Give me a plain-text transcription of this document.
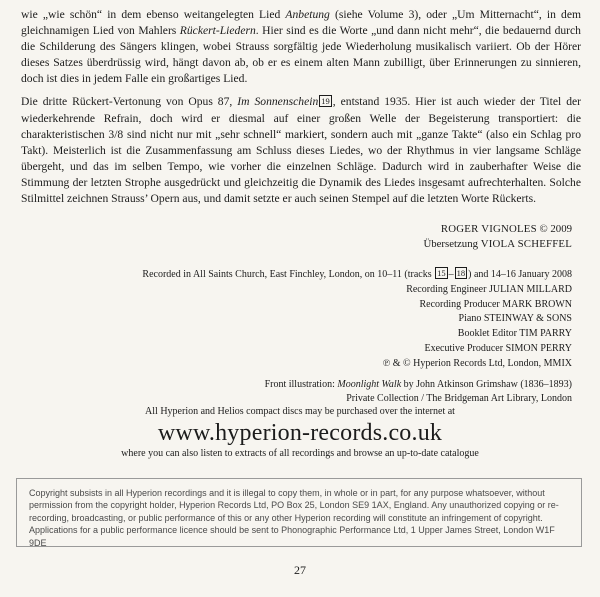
wie „wie schön“ in dem ebenso weitangelegten Lied Anbetung (siehe Volume 3), oder „Um Mitternacht“, in dem gleichnamigen Lied von Mahlers Rückert-Liedern. Hier sind es die Worte „und dann nicht mehr“, die bedauernd durch die Schilderung des Sängers klingen, wobei Strauss sorgfältig jede Wiederholung musikalisch variiert. Ob der Hörer dieses Satzes überdrüssig wird, hängt davon ab, ob er es einem alten Mann zubilligt, über Erinnerungen zu sinnieren, doch ist dies in jedem Falle ein großartiges Lied.

Die dritte Rückert-Vertonung von Opus 87, Im Sonnenschein 19 , entstand 1935. Hier ist auch wieder der Titel der wiederkehrende Refrain, doch wird er diesmal auf einer großen Welle der Begeisterung transportiert: die charakteristischen 3/8 sind nicht nur mit „sehr schnell“ markiert, sondern auch mit „ganze Takte“ (also ein Schlag pro Takt). Meisterlich ist die Zusammenfassung am Schluss dieses Liedes, wo der Rhythmus in vier langsame Schläge übergeht, und das im selben Tempo, wie vorher die einzelnen Schläge. Dadurch wird in zauberhafter Weise die Stimmung der letzten Strophe ausgedrückt und gleichzeitig die Dynamik des Liedes insgesamt aufrechterhalten. Solche Stilmittel zeichnen Strauss’ Opern aus, und damit setzte er auch seinen Stempel auf die letzten Worte Rückerts.

ROGER VIGNOLES © 2009
Übersetzung VIOLA SCHEFFEL
Recorded in All Saints Church, East Finchley, London, on 10–11 (tracks 15 – 18 ) and 14–16 January 2008
Recording Engineer JULIAN MILLARD
Recording Producer MARK BROWN
Piano STEINWAY & SONS
Booklet Editor TIM PARRY
Executive Producer SIMON PERRY
℗ & © Hyperion Records Ltd, London, MMIX
Front illustration: Moonlight Walk by John Atkinson Grimshaw (1836–1893)
Private Collection / The Bridgeman Art Library, London
All Hyperion and Helios compact discs may be purchased over the internet at
www.hyperion-records.co.uk
where you can also listen to extracts of all recordings and browse an up-to-date catalogue
Copyright subsists in all Hyperion recordings and it is illegal to copy them, in whole or in part, for any purpose whatsoever, without permission from the copyright holder, Hyperion Records Ltd, PO Box 25, London SE9 1AX, England. Any unauthorized copying or re-recording, broadcasting, or public performance of this or any other Hyperion recording will constitute an infringement of copyright. Applications for a public performance licence should be sent to Phonographic Performance Ltd, 1 Upper James Street, London W1F 9DE
27
